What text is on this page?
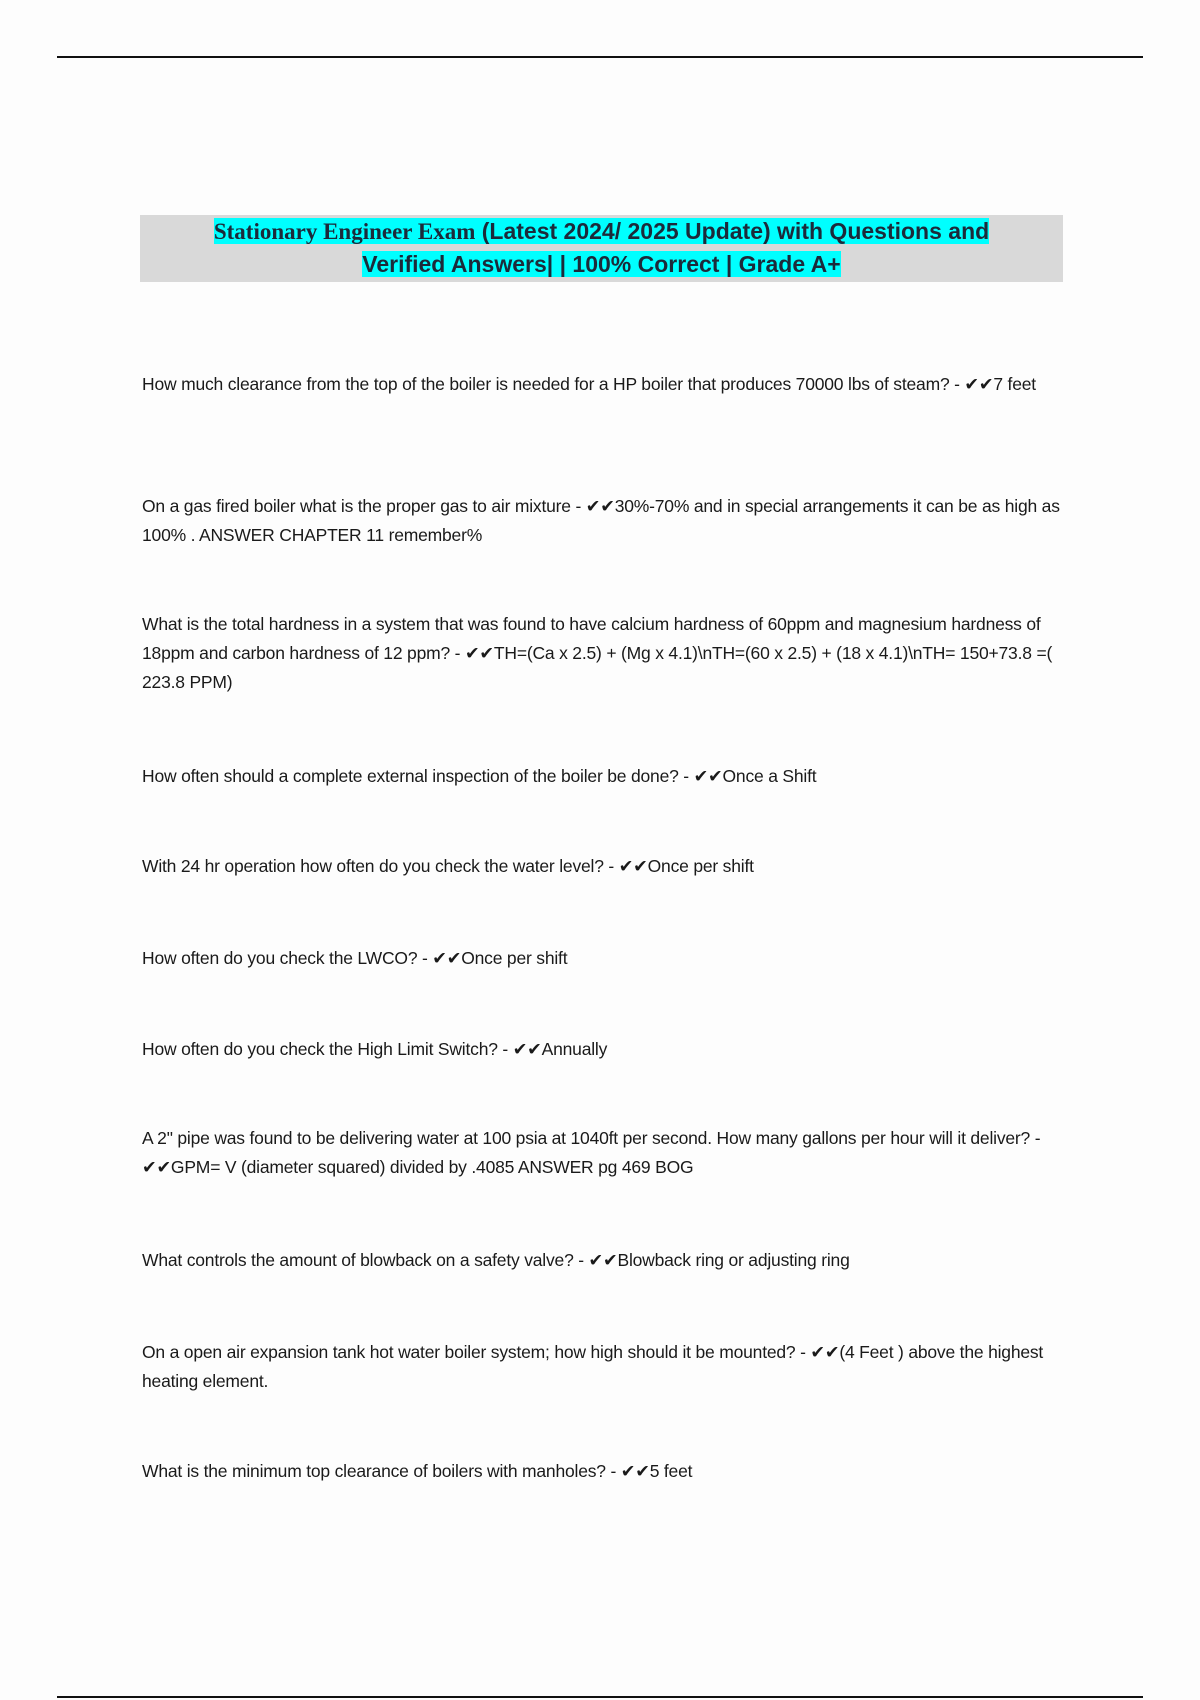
Stationary Engineer Exam (Latest 2024/ 2025 Update) with Questions and
Verified Answers| | 100% Correct | Grade A+
How much clearance from the top of the boiler is needed for a HP boiler that produces 70000 lbs of steam? - ✔✔7 feet
On a gas fired boiler what is the proper gas to air mixture - ✔✔30%-70% and in special arrangements it can be as high as 100% . ANSWER CHAPTER 11 remember%
What is the total hardness in a system that was found to have calcium hardness of 60ppm and magnesium hardness of 18ppm and carbon hardness of 12 ppm? - ✔✔TH=(Ca x 2.5) + (Mg x 4.1)\nTH=(60 x 2.5) + (18 x 4.1)\nTH= 150+73.8 =( 223.8 PPM)
How often should a complete external inspection of the boiler be done? - ✔✔Once a Shift
With 24 hr operation how often do you check the water level? - ✔✔Once per shift
How often do you check the LWCO? - ✔✔Once per shift
How often do you check the High Limit Switch? - ✔✔Annually
A 2" pipe was found to be delivering water at 100 psia at 1040ft per second. How many gallons per hour will it deliver? - ✔✔GPM= V (diameter squared) divided by .4085 ANSWER pg 469 BOG
What controls the amount of blowback on a safety valve? - ✔✔Blowback ring or adjusting ring
On a open air expansion tank hot water boiler system; how high should it be mounted? - ✔✔(4 Feet ) above the highest heating element.
What is the minimum top clearance of boilers with manholes? - ✔✔5 feet
